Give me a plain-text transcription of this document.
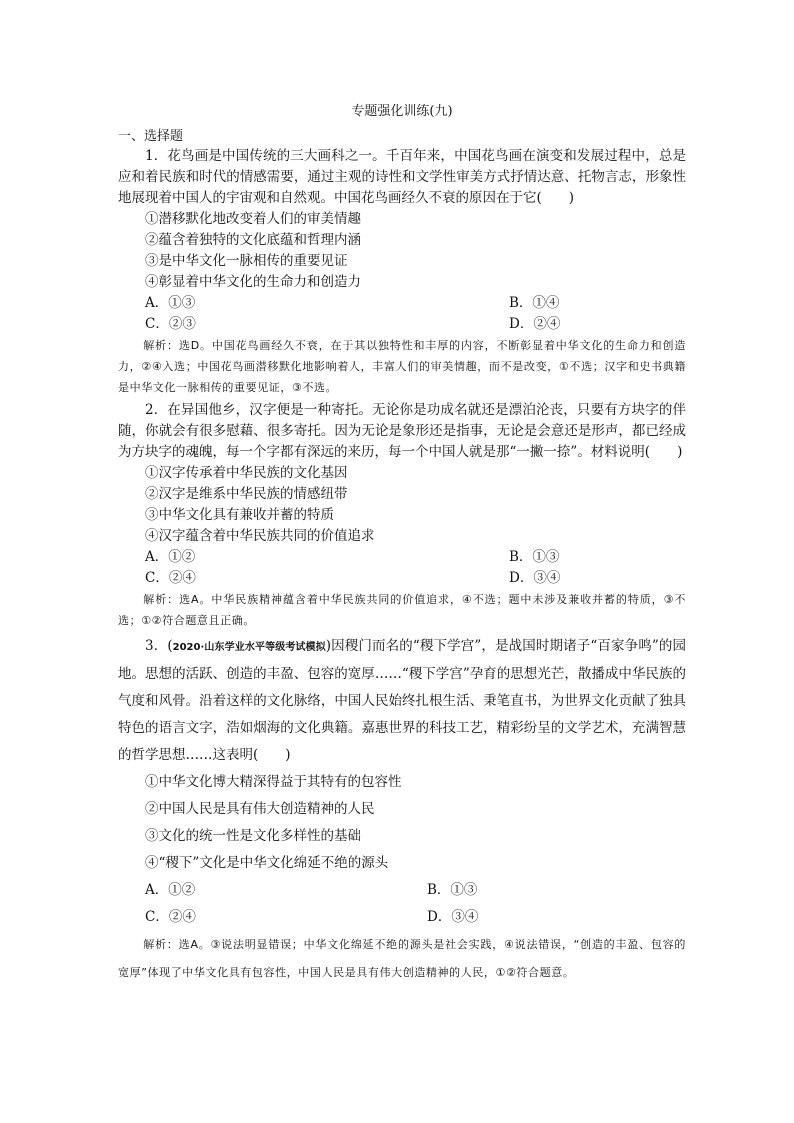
专题强化训练(九)

一、选择题

1．花鸟画是中国传统的三大画科之一。千百年来，中国花鸟画在演变和发展过程中，总是应和着民族和时代的情感需要，通过主观的诗性和文学性审美方式抒情达意、托物言志，形象性地展现着中国人的宇宙观和自然观。中国花鸟画经久不衰的原因在于它(　　)

①潜移默化地改变着人们的审美情趣

②蕴含着独特的文化底蕴和哲理内涵

③是中华文化一脉相传的重要见证

④彰显着中华文化的生命力和创造力

A．①③	B．①④
C．②③	D．②④

解析：选D。中国花鸟画经久不衰，在于其以独特性和丰厚的内容，不断彰显着中华文化的生命力和创造力，②④入选；中国花鸟画潜移默化地影响着人，丰富人们的审美情趣，而不是改变，①不选；汉字和史书典籍是中华文化一脉相传的重要见证，③不选。

2．在异国他乡，汉字便是一种寄托。无论你是功成名就还是漂泊沦丧，只要有方块字的伴随，你就会有很多慰藉、很多寄托。因为无论是象形还是指事，无论是会意还是形声，都已经成为方块字的魂魄，每一个字都有深远的来历，每一个中国人就是那“一撇一捺”。材料说明(　　)

①汉字传承着中华民族的文化基因

②汉字是维系中华民族的情感纽带

③中华文化具有兼收并蓄的特质

④汉字蕴含着中华民族共同的价值追求

A．①②	B．①③
C．②④	D．③④

解析：选A。中华民族精神蕴含着中华民族共同的价值追求，④不选；题中未涉及兼收并蓄的特质，③不选；①②符合题意且正确。

3．(2020·山东学业水平等级考试模拟)因稷门而名的“稷下学宫”，是战国时期诸子“百家争鸣”的园地。思想的活跃、创造的丰盈、包容的宽厚……“稷下学宫”孕育的思想光芒，散播成中华民族的气度和风骨。沿着这样的文化脉络，中国人民始终扎根生活、秉笔直书，为世界文化贡献了独具特色的语言文字，浩如烟海的文化典籍。嘉惠世界的科技工艺，精彩纷呈的文学艺术，充满智慧的哲学思想……这表明(　　)

①中华文化博大精深得益于其特有的包容性

②中国人民是具有伟大创造精神的人民

③文化的统一性是文化多样性的基础

④“稷下”文化是中华文化绵延不绝的源头

A．①②	B．①③
C．②④	D．③④

解析：选A。③说法明显错误；中华文化绵延不绝的源头是社会实践，④说法错误，“创造的丰盈、包容的宽厚”体现了中华文化具有包容性，中国人民是具有伟大创造精神的人民，①②符合题意。
